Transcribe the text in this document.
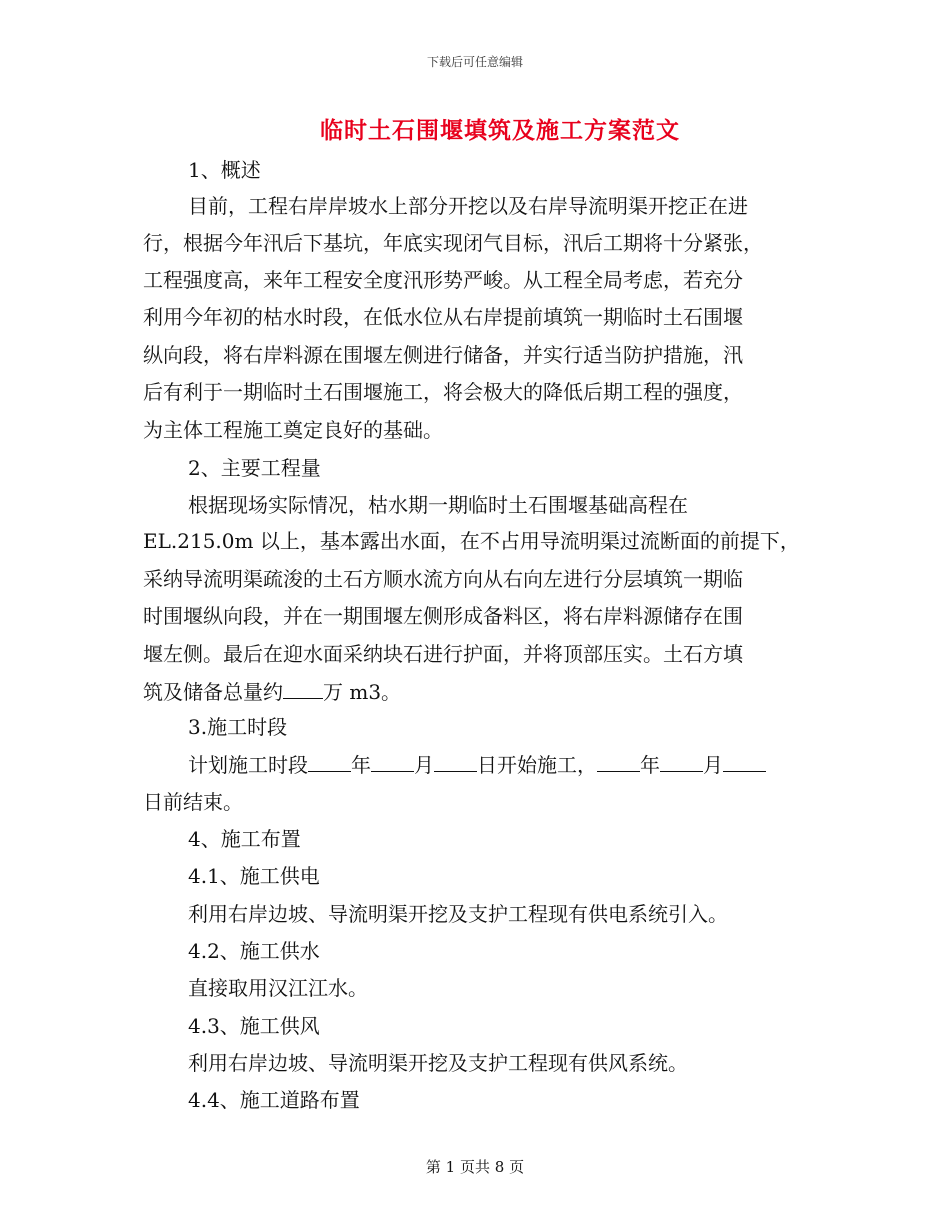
下载后可任意编辑
临时土石围堰填筑及施工方案范文
1、概述
目前，工程右岸岸坡水上部分开挖以及右岸导流明渠开挖正在进
行，根据今年汛后下基坑，年底实现闭气目标，汛后工期将十分紧张，
工程强度高，来年工程安全度汛形势严峻。从工程全局考虑，若充分
利用今年初的枯水时段，在低水位从右岸提前填筑一期临时土石围堰
纵向段，将右岸料源在围堰左侧进行储备，并实行适当防护措施，汛
后有利于一期临时土石围堰施工，将会极大的降低后期工程的强度，
为主体工程施工奠定良好的基础。
2、主要工程量
根据现场实际情况，枯水期一期临时土石围堰基础高程在
EL.215.0m 以上，基本露出水面，在不占用导流明渠过流断面的前提下，
采纳导流明渠疏浚的土石方顺水流方向从右向左进行分层填筑一期临
时围堰纵向段，并在一期围堰左侧形成备料区，将右岸料源储存在围
堰左侧。最后在迎水面采纳块石进行护面，并将顶部压实。土石方填
筑及储备总量约 万 m3。
3.施工时段
计划施工时段 年 月 日开始施工， 年 月
日前结束。
4、施工布置
4.1、施工供电
利用右岸边坡、导流明渠开挖及支护工程现有供电系统引入。
4.2、施工供水
直接取用汉江江水。
4.3、施工供风
利用右岸边坡、导流明渠开挖及支护工程现有供风系统。
4.4、施工道路布置
第 1 页共 8 页
